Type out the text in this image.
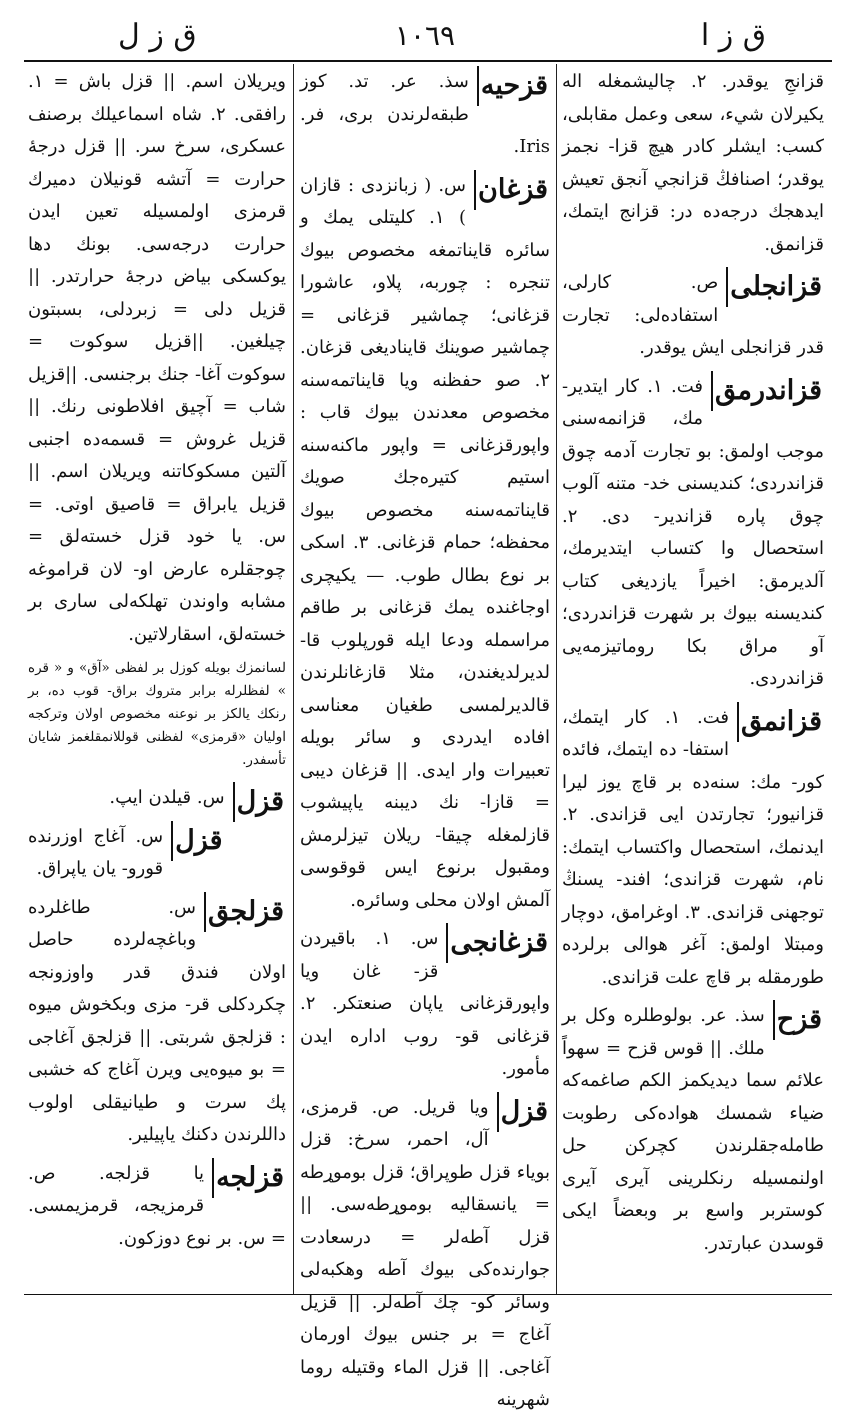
ق ز ا
١٠٦٩
ق ز ل
قزانجِ يوقدر. ٢. چاليشمغله اله يكيرلان شيء، سعى وعمل مقابلى، كسب: ايشلر كادر هيچ قزا- نجمز يوقدر؛ اصنافڭ قزانجي آنجق تعيش ايدهجك درجه‌ده در: قزانج ايتمك، قزانمق.
قزانجلى
ص. كارلى، استفاده‌لى: تجارت قدر قزانجلى ايش يوقدر.
قزاندرمق
فت. ١. كار ايتدير- مك، قزانمه‌سنى موجب اولمق: بو تجارت آدمه چوق قزاندردى؛ كنديسنى خد- متنه آلوب چوق پاره قزاندير- دى. ٢. استحصال وا كتساب ايتديرمك، آلديرمق: اخيراً يازديغى كتاب كنديسنه بيوك بر شهرت قزاندردى؛ آو مراق بكا روماتيزمه‌يى قزاندردى.
قزانمق
فت. ١. كار ايتمك، استفا- ده ايتمك، فائده كور- مك: سنه‌ده بر قاچ يوز ليرا قزانيور؛ تجارتدن ايى قزاندى. ٢. ايدنمك، استحصال واكتساب ايتمك: نام، شهرت قزاندى؛ افند- يسنڭ توجهنى قزاندى. ٣. اوغرامق، دوچار ومبتلا اولمق: آغر هوالى برلرده طورمقله بر قاچ علت قزاندى.
قزح
سذ. عر. بولوطلره وكل بر ملك. || قوس قزح = سهواً علائم سما ديديكمز الكم صاغمه‌كه ضياء شمسك هواده‌كى رطوبت طامله‌جقلرندن كچركن حل اولنمسيله رنكلرينى آيرى آيرى كوستربر واسع بر وبعضاً ايكى قوسدن عبارتدر.
قزحيه
سذ. عر. تد. كوز طبقه‌لرندن برى، فر. Iris.
قزغان
س. ( زبانزدى : قازان ) ١. كليتلى يمك و سائره قايناتمغه مخصوص بيوك تنجره : چوربه، پلاو، عاشورا قزغانى؛ چماشير قزغانى = چماشير صوينك قايناديغى قزغان. ٢. صو حفظنه ويا قايناتمه‌سنه مخصوص معدندن بيوك قاب : واپورقزغانى = واپور ماكنه‌سنه استيم كتيره‌جك صويك قايناتمه‌سنه مخصوص بيوك محفظه؛ حمام قزغانى. ٣. اسكى بر نوع بطال طوب. — يكيچرى اوجاغنده يمك قزغانى بر طاقم مراسمله ودعا ايله قورپلوب قا- لديرلديغندن، مثلا قازغانلرندن قالديرلمسى طغيان معناسى افاده ايدردى و سائر بويله تعبيرات وار ايدى. || قزغان ديبى = قازا- نك ديبنه ياپيشوب قازلمغله چيقا- ريلان تيزلرمش ومقبول برنوع ايس قوقوسى آلمش اولان محلى وسائره.
قزغانجى
س. ١. باقيردن قز- غان ويا واپورقزغانى ياپان صنعتكر. ٢. قزغانى قو- روب اداره ايدن مأمور.
قزل
ويا قريل. ص. قرمزى، آل، احمر، سرخ: قزل بوياء قزل طوپراق؛ قزل بوموړطه = يانسقاليه بوموړطه‌سى. || قزل آطه‌لر = درسعادت جوارنده‌كى بيوك آطه وهكبه‌لى وسائر كو- چك آطه‌لر. || قزيل آغاج = بر جنس بيوك اورمان آغاجى. || قزل الماء وقتيله روما شهرينه
ويريلان اسم. || قزل باش = ١. رافقى. ٢. شاه اسماعيلك برصنف عسكرى، سرخ سر. || قزل درجهٔ حرارت = آتشه قونيلان دميرك قرمزى اولمسيله تعين ايدن حرارت درجه‌سى. بونك دها يوكسكى بياض درجهٔ حرارتدر. || قزيل دلى = زبردلى، بسبتون چيلغين. ||قزيل سوكوت = سوكوت آغا- جنك برجنسى. ||قزيل شاب = آچيق افلاطونى رنك. || قزيل غروش = قسمه‌ده اجنبى آلتين مسكوكاتنه ويريلان اسم. || قزيل يابراق = قاصيق اوتى. = س. يا خود قزل خسته‌لق = چوجقلره عارض او- لان قراموغه مشابه واوندن تهلكه‌لى سارى بر خسته‌لق، اسقارلاتين.
لسانمزك بويله كوزل بر لفظى «آق» و « قره » لفظلرله برابر متروك براق- قوب ده، بر رنكك يالكز بر نوعنه مخصوص اولان وتركجه اوليان «قرمزى» لفظنى قوللانمقلغمز شايان تأسفدر.
قزل
س. قيلدن ايپ.
قزل
س. آغاج اوزرنده قورو- يان ياپراق.
قزلجق
س. طاغلرده وباغچه‌لرده حاصل اولان فندق قدر واوزونجه چكردكلى قر- مزى وبكخوش ميوه : قزلجق شربتى. || قزلجق آغاجى = بو ميوه‌يى ويرن آغاج كه خشبى پك سرت و طيانيقلى اولوب داللرندن دكنك ياپيلير.
قزلجه
يا قزلجه. ص. قرمزيجه، قرمزيمسى. = س. بر نوع دوزكون.
